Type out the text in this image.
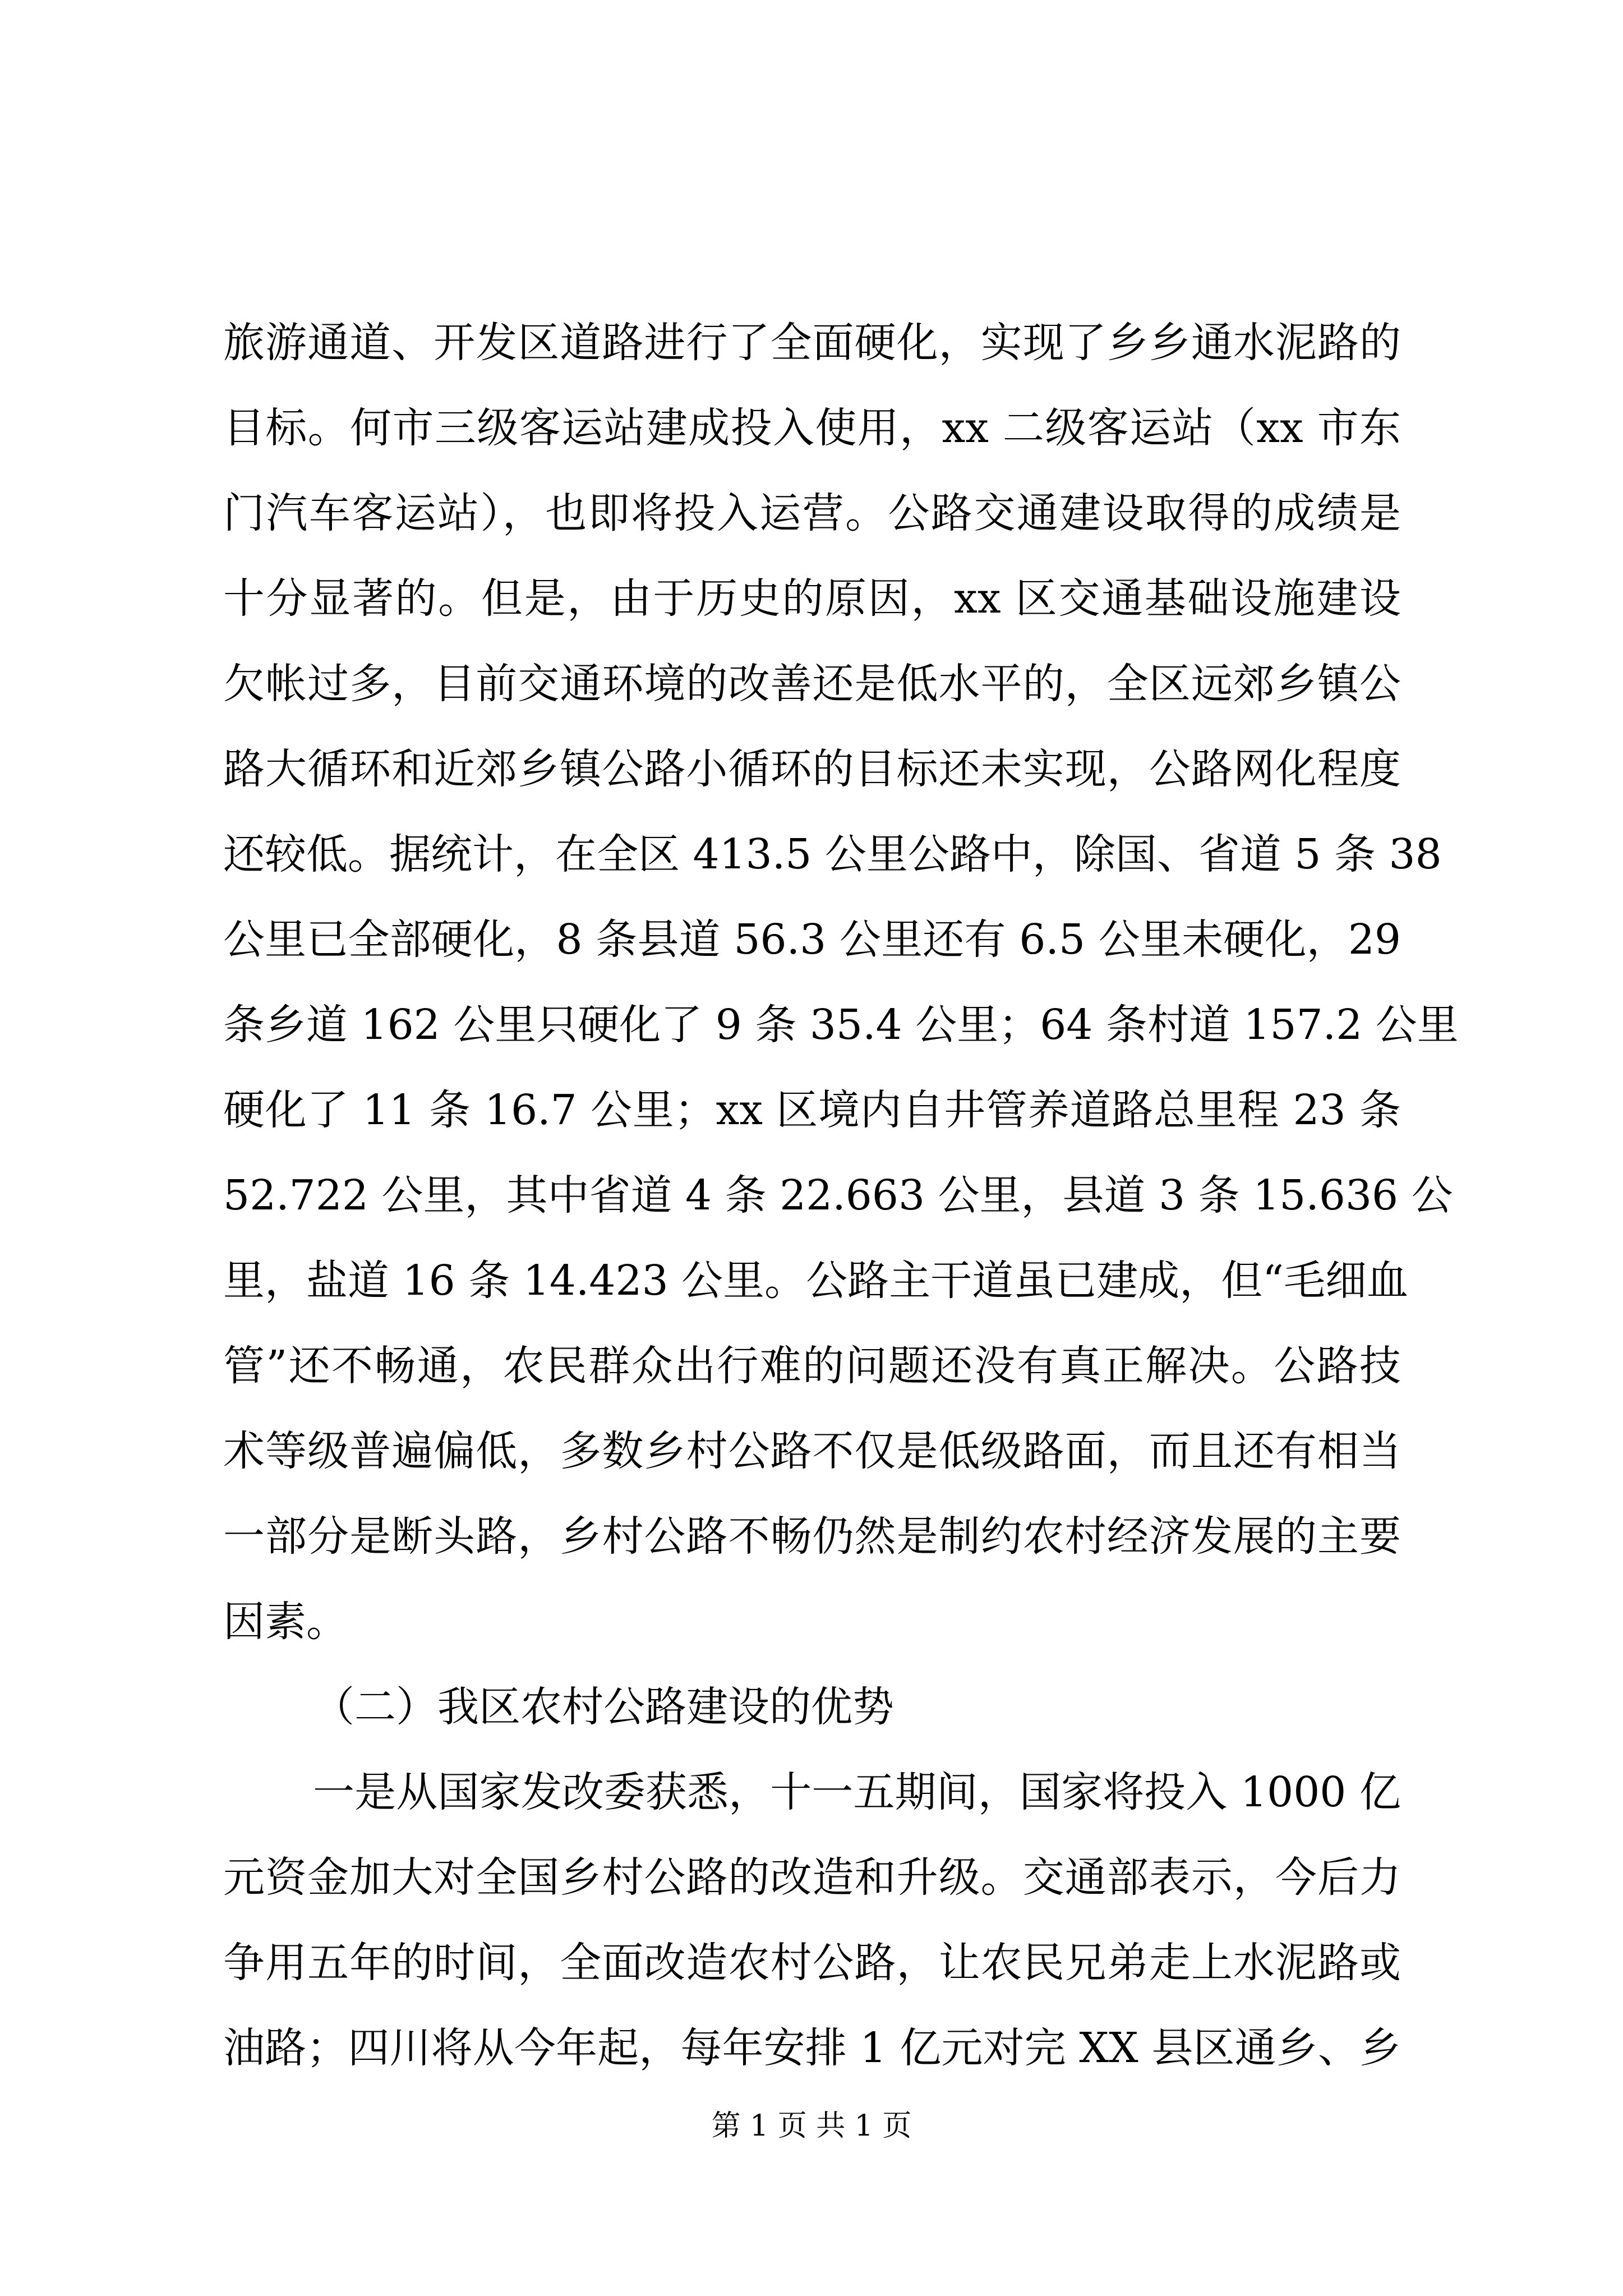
旅游通道、开发区道路进行了全面硬化，实现了乡乡通水泥路的
目标。何市三级客运站建成投入使用，xx 二级客运站（xx 市东
门汽车客运站），也即将投入运营。公路交通建设取得的成绩是
十分显著的。但是，由于历史的原因，xx 区交通基础设施建设
欠帐过多，目前交通环境的改善还是低水平的，全区远郊乡镇公
路大循环和近郊乡镇公路小循环的目标还未实现，公路网化程度
还较低。据统计，在全区 413.5 公里公路中，除国、省道 5 条 38
公里已全部硬化，8 条县道 56.3 公里还有 6.5 公里未硬化，29
条乡道 162 公里只硬化了 9 条 35.4 公里；64 条村道 157.2 公里
硬化了 11 条 16.7 公里；xx 区境内自井管养道路总里程 23 条
52.722 公里，其中省道 4 条 22.663 公里，县道 3 条 15.636 公
里，盐道 16 条 14.423 公里。公路主干道虽已建成，但“毛细血
管”还不畅通，农民群众出行难的问题还没有真正解决。公路技
术等级普遍偏低，多数乡村公路不仅是低级路面，而且还有相当
一部分是断头路，乡村公路不畅仍然是制约农村经济发展的主要
因素。
（二）我区农村公路建设的优势
一是从国家发改委获悉，十一五期间，国家将投入 1000 亿
元资金加大对全国乡村公路的改造和升级。交通部表示，今后力
争用五年的时间，全面改造农村公路，让农民兄弟走上水泥路或
油路；四川将从今年起，每年安排 1 亿元对完 XX 县区通乡、乡
第 1 页 共 1 页
